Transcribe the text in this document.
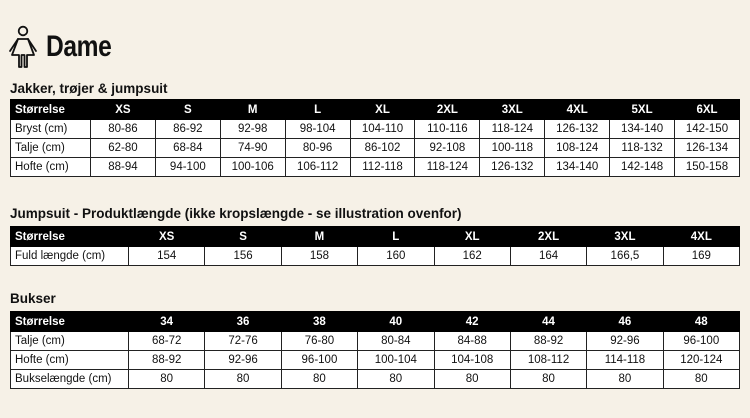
Dame
Jakker, trøjer & jumpsuit
Størrelse	XS	S	M	L	XL	2XL	3XL	4XL	5XL	6XL
Bryst (cm)	80-86	86-92	92-98	98-104	104-110	110-116	118-124	126-132	134-140	142-150
Talje (cm)	62-80	68-84	74-90	80-96	86-102	92-108	100-118	108-124	118-132	126-134
Hofte (cm)	88-94	94-100	100-106	106-112	112-118	118-124	126-132	134-140	142-148	150-158
Jumpsuit - Produktlængde (ikke kropslængde - se illustration ovenfor)
Størrelse	XS	S	M	L	XL	2XL	3XL	4XL
Fuld længde (cm)	154	156	158	160	162	164	166,5	169
Bukser
Størrelse	34	36	38	40	42	44	46	48
Talje (cm)	68-72	72-76	76-80	80-84	84-88	88-92	92-96	96-100
Hofte (cm)	88-92	92-96	96-100	100-104	104-108	108-112	114-118	120-124
Bukselængde (cm)	80	80	80	80	80	80	80	80
